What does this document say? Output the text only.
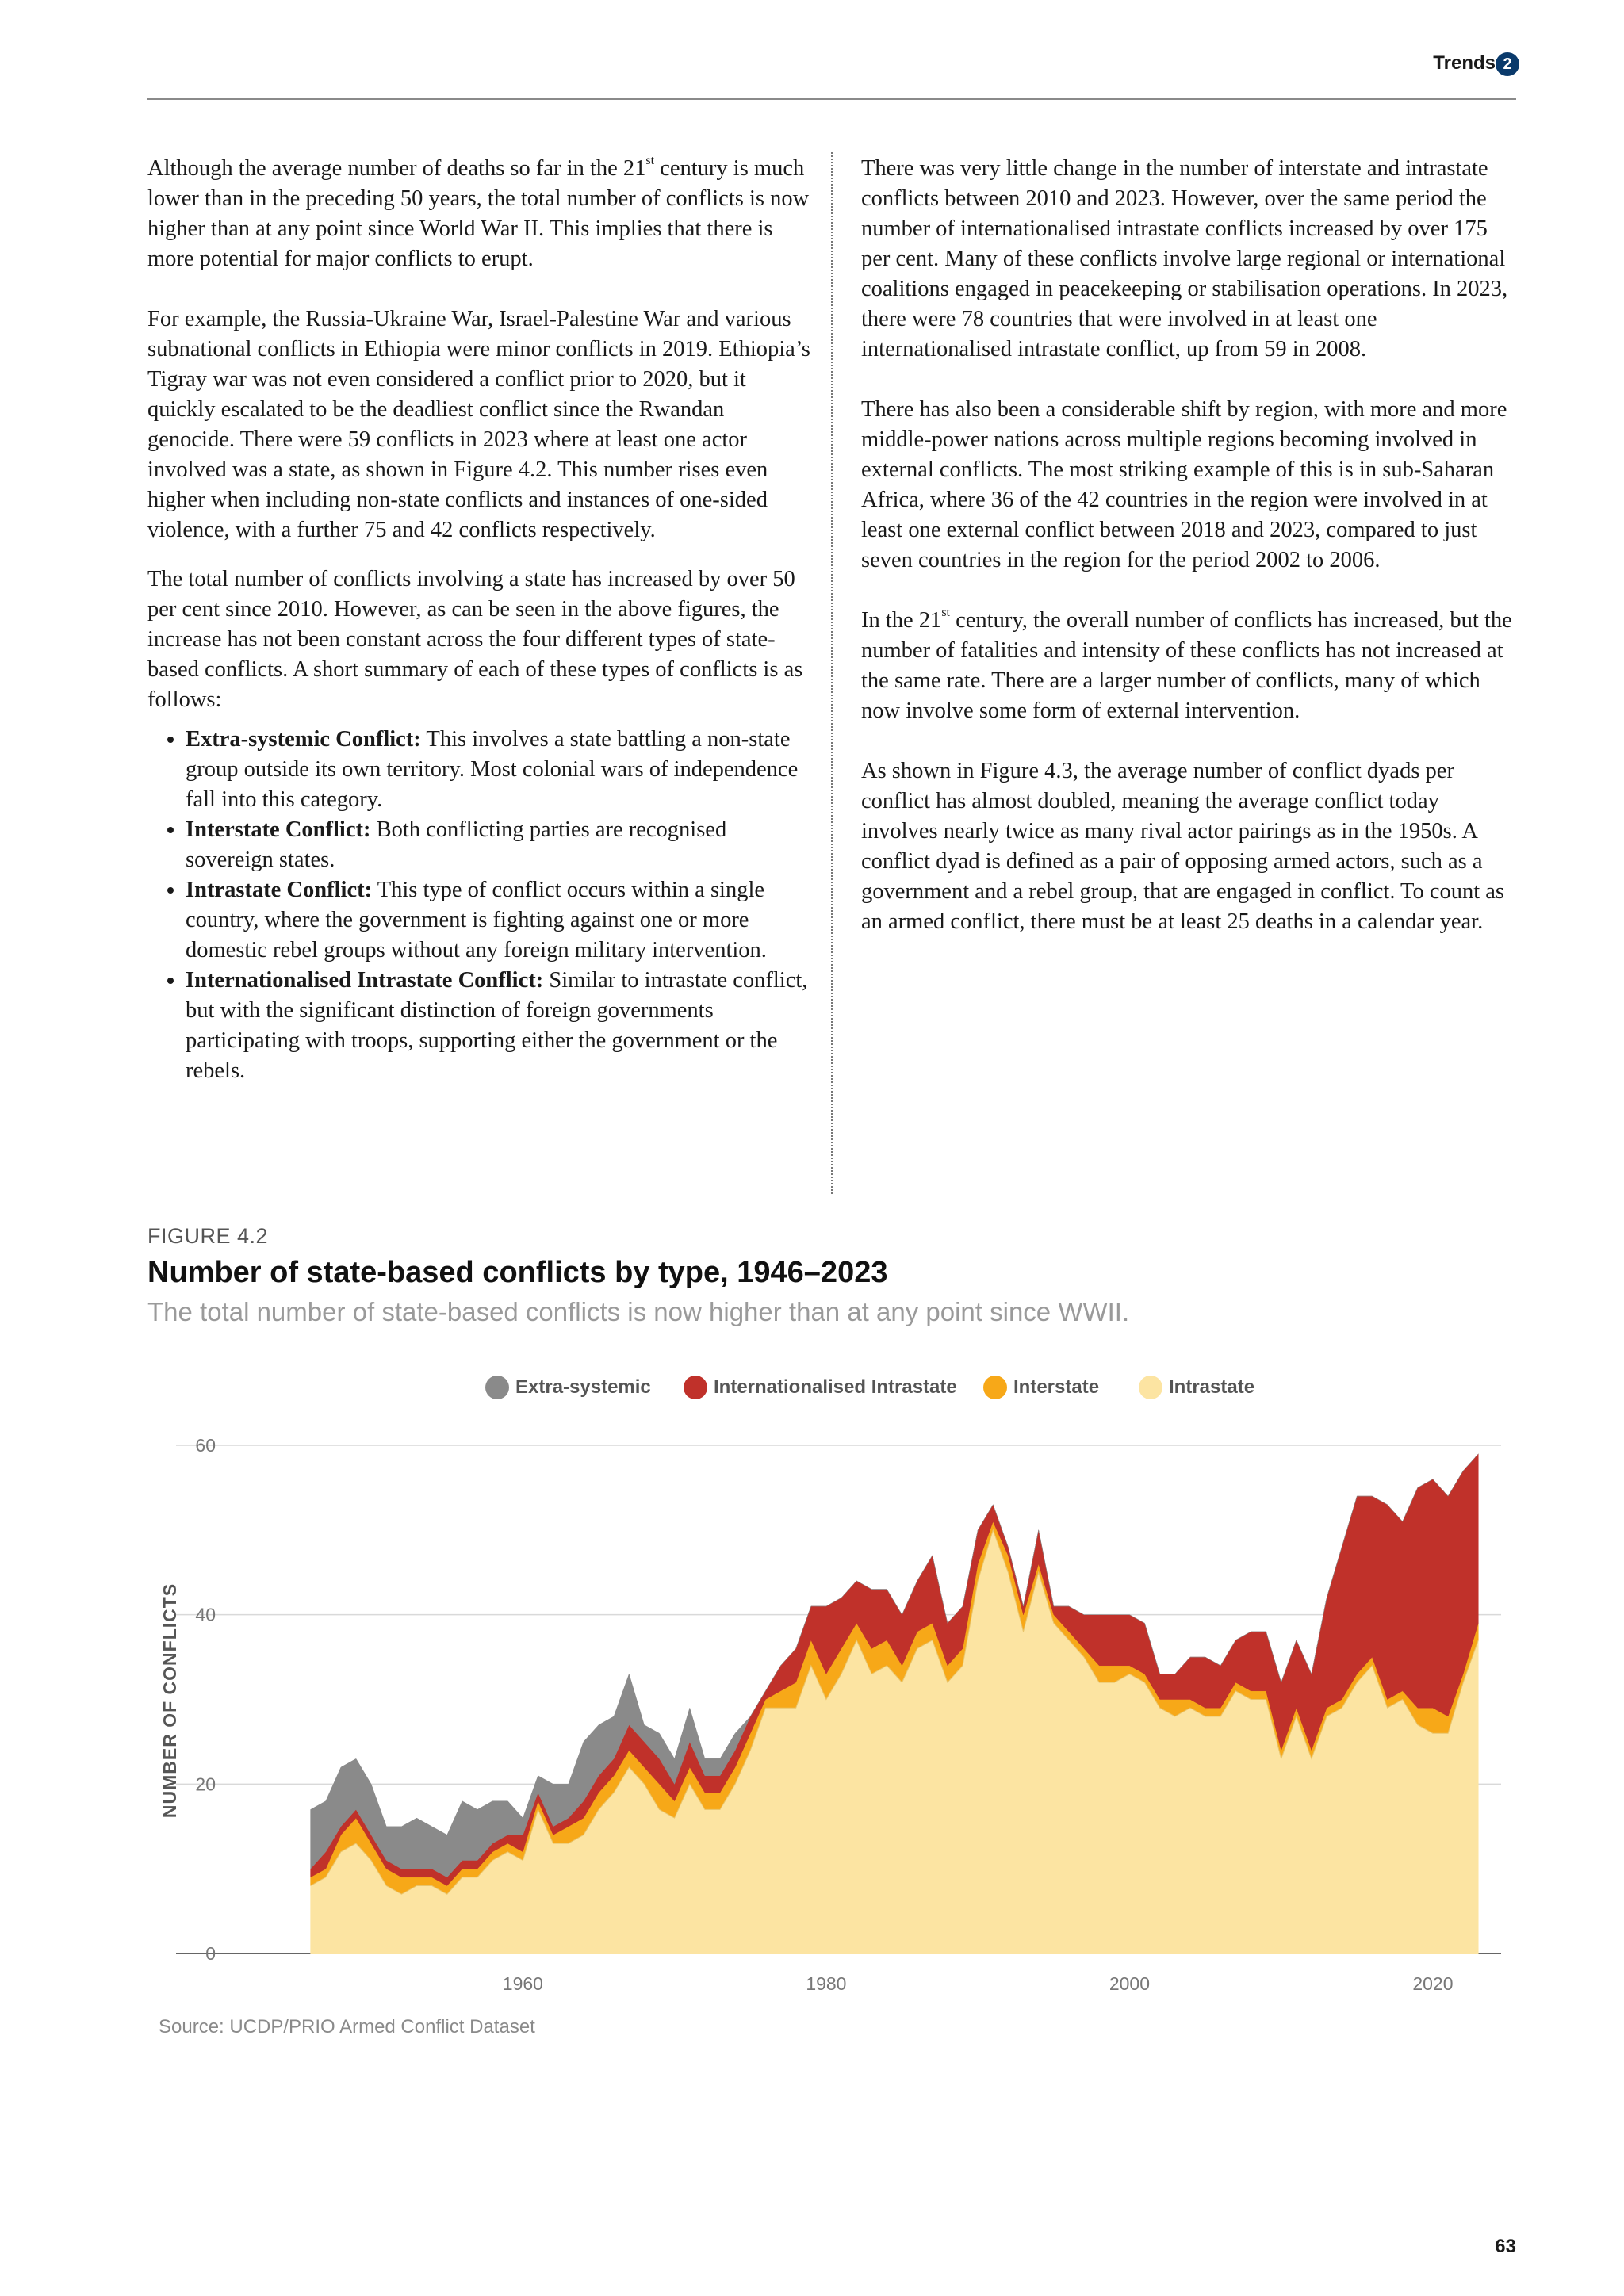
Trends 2

Although the average number of deaths so far in the 21st century is much lower than in the preceding 50 years, the total number of conflicts is now higher than at any point since World War II. This implies that there is more potential for major conflicts to erupt.

For example, the Russia-Ukraine War, Israel-Palestine War and various subnational conflicts in Ethiopia were minor conflicts in 2019. Ethiopia’s Tigray war was not even considered a conflict prior to 2020, but it quickly escalated to be the deadliest conflict since the Rwandan genocide. There were 59 conflicts in 2023 where at least one actor involved was a state, as shown in Figure 4.2. This number rises even higher when including non-state conflicts and instances of one-sided violence, with a further 75 and 42 conflicts respectively.

The total number of conflicts involving a state has increased by over 50 per cent since 2010. However, as can be seen in the above figures, the increase has not been constant across the four different types of state-based conflicts. A short summary of each of these types of conflicts is as follows:

• Extra-systemic Conflict: This involves a state battling a non-state group outside its own territory. Most colonial wars of independence fall into this category.
• Interstate Conflict: Both conflicting parties are recognised sovereign states.
• Intrastate Conflict: This type of conflict occurs within a single country, where the government is fighting against one or more domestic rebel groups without any foreign military intervention.
• Internationalised Intrastate Conflict: Similar to intrastate conflict, but with the significant distinction of foreign governments participating with troops, supporting either the government or the rebels.

There was very little change in the number of interstate and intrastate conflicts between 2010 and 2023. However, over the same period the number of internationalised intrastate conflicts increased by over 175 per cent. Many of these conflicts involve large regional or international coalitions engaged in peacekeeping or stabilisation operations. In 2023, there were 78 countries that were involved in at least one internationalised intrastate conflict, up from 59 in 2008.

There has also been a considerable shift by region, with more and more middle-power nations across multiple regions becoming involved in external conflicts. The most striking example of this is in sub-Saharan Africa, where 36 of the 42 countries in the region were involved in at least one external conflict between 2018 and 2023, compared to just seven countries in the region for the period 2002 to 2006.

In the 21st century, the overall number of conflicts has increased, but the number of fatalities and intensity of these conflicts has not increased at the same rate. There are a larger number of conflicts, many of which now involve some form of external intervention.

As shown in Figure 4.3, the average number of conflict dyads per conflict has almost doubled, meaning the average conflict today involves nearly twice as many rival actor pairings as in the 1950s. A conflict dyad is defined as a pair of opposing armed actors, such as a government and a rebel group, that are engaged in conflict. To count as an armed conflict, there must be at least 25 deaths in a calendar year.

FIGURE 4.2
Number of state-based conflicts by type, 1946–2023
The total number of state-based conflicts is now higher than at any point since WWII.
Extra-systemic	Internationalised Intrastate	Interstate	Intrastate
0
20
40
60
1960	1980	2000	2020
NUMBER OF CONFLICTS
Source: UCDP/PRIO Armed Conflict Dataset
63
